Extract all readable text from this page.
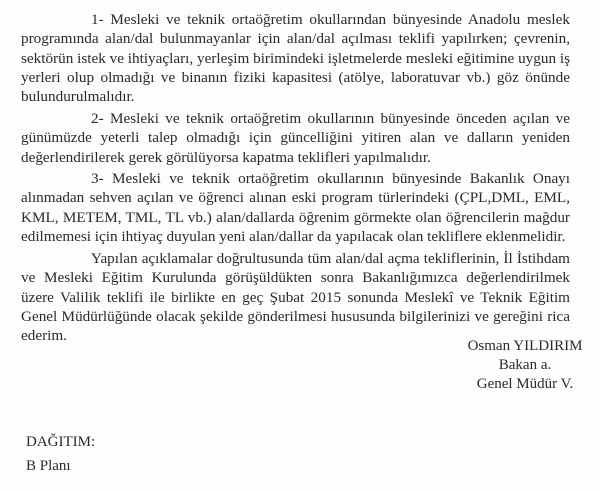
1- Mesleki ve teknik ortaöğretim okullarından bünyesinde Anadolu meslek programında alan/dal bulunmayanlar için alan/dal açılması teklifi yapılırken; çevrenin, sektörün istek ve ihtiyaçları, yerleşim birimindeki işletmelerde mesleki eğitimine uygun iş yerleri olup olmadığı ve binanın fiziki kapasitesi (atölye, laboratuvar vb.) göz önünde bulundurulmalıdır.

2- Mesleki ve teknik ortaöğretim okullarının bünyesinde önceden açılan ve günümüzde yeterli talep olmadığı için güncelliğini yitiren alan ve dalların yeniden değerlendirilerek gerek görülüyorsa kapatma teklifleri yapılmalıdır.

3- Mesleki ve teknik ortaöğretim okullarının bünyesinde Bakanlık Onayı alınmadan sehven açılan ve öğrenci alınan eski program türlerindeki (ÇPL,DML, EML, KML, METEM, TML, TL vb.) alan/dallarda öğrenim görmekte olan öğrencilerin mağdur edilmemesi için ihtiyaç duyulan yeni alan/dallar da yapılacak olan tekliflere eklenmelidir.

Yapılan açıklamalar doğrultusunda tüm alan/dal açma tekliflerinin, İl İstihdam ve Mesleki Eğitim Kurulunda görüşüldükten sonra Bakanlığımızca değerlendirilmek üzere Valilik teklifi ile birlikte en geç Şubat 2015 sonunda Meslekî ve Teknik Eğitim Genel Müdürlüğünde olacak şekilde gönderilmesi hususunda bilgilerinizi ve gereğini rica ederim.

Osman YILDIRIM
Bakan a.
Genel Müdür V.
DAĞITIM:
B Planı
